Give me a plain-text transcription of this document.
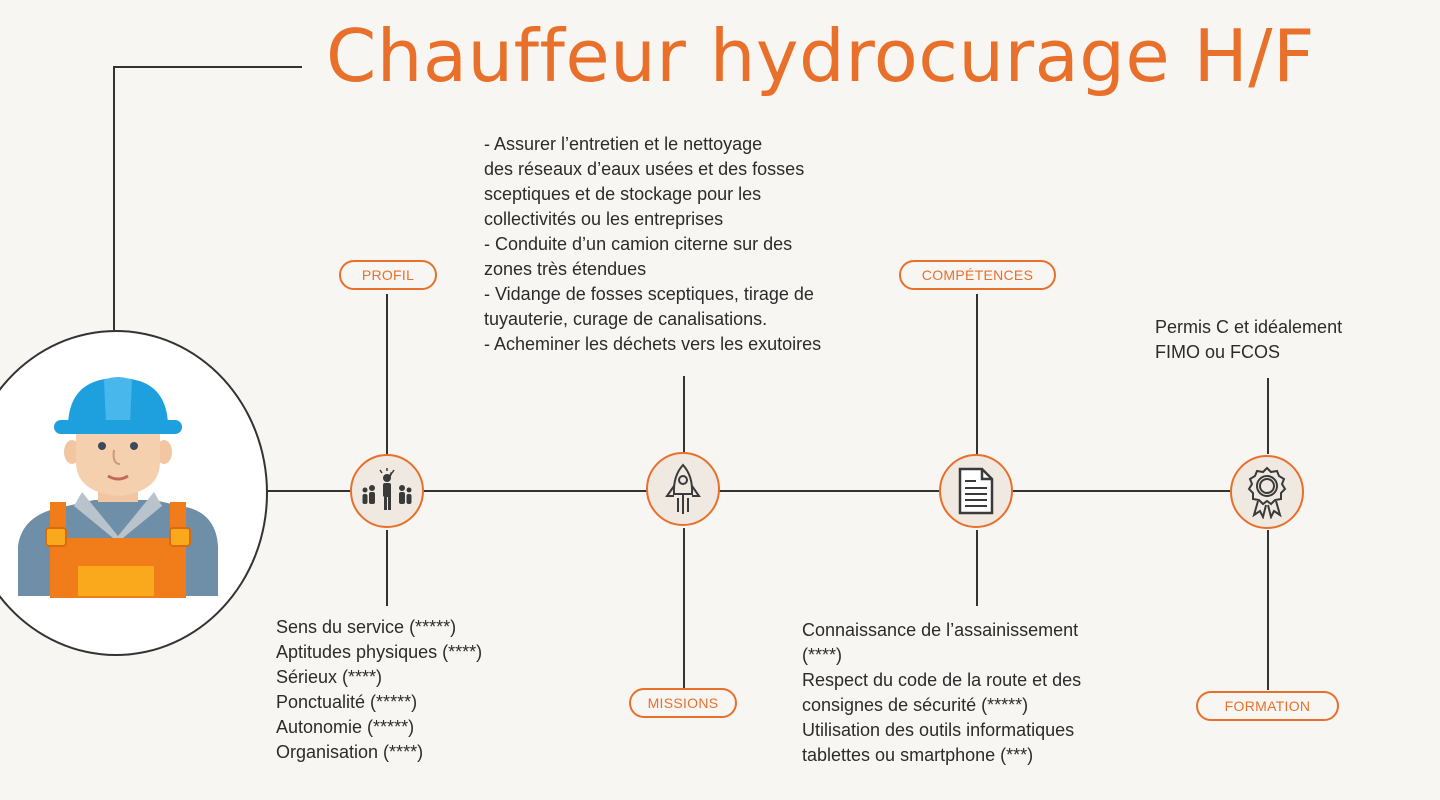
Chauffeur hydrocurage H/F
PROFIL
MISSIONS
COMPÉTENCES
FORMATION
- Assurer l’entretien et le nettoyage
des réseaux d’eaux usées et des fosses
sceptiques et de stockage pour les
collectivités ou les entreprises
- Conduite d’un camion citerne sur des
zones très étendues
- Vidange de fosses sceptiques, tirage de
tuyauterie, curage de canalisations.
- Acheminer les déchets vers les exutoires
Sens du service (*****)
Aptitudes physiques (****)
Sérieux (****)
Ponctualité (*****)
Autonomie (*****)
Organisation (****)
Connaissance de l’assainissement
(****)
Respect du code de la route et des
consignes de sécurité (*****)
Utilisation des outils informatiques
tablettes ou smartphone (***)
Permis C et idéalement
FIMO ou FCOS
